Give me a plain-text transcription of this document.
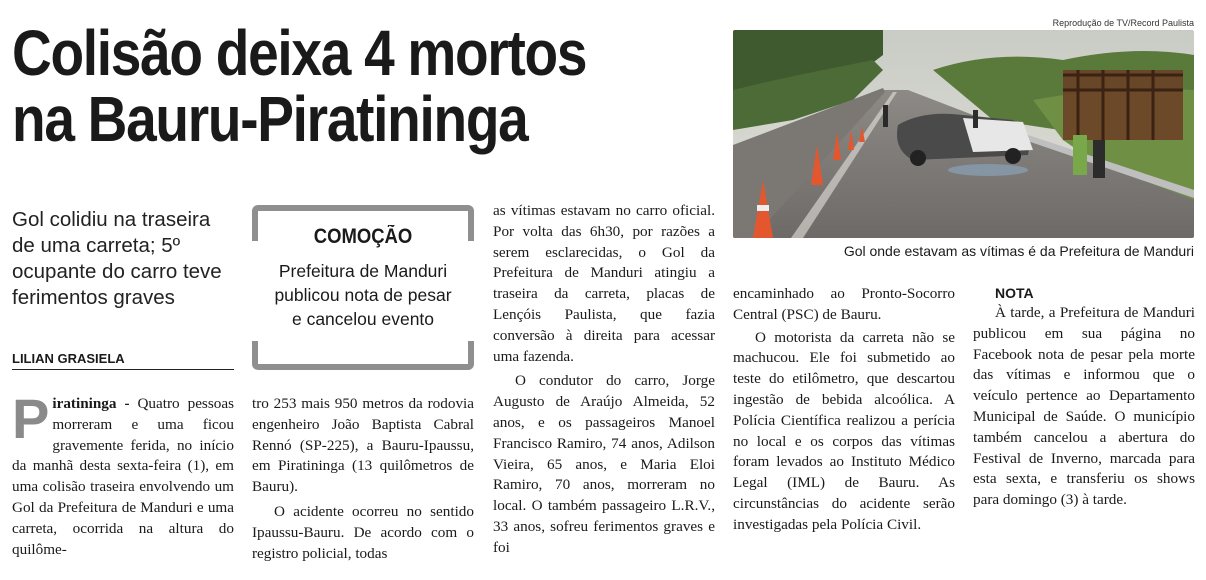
Colisão deixa 4 mortos
na Bauru-Piratininga
Reprodução de TV/Record Paulista
Gol onde estavam as vítimas é da Prefeitura de Manduri
Gol colidiu na traseira de uma carreta; 5º ocupante do carro teve ferimentos graves
LILIAN GRASIELA
COMOÇÃO
Prefeitura de Manduri publicou nota de pesar e cancelou evento

Piratininga - Quatro pessoas morreram e uma ficou gravemente ferida, no início da manhã desta sexta-feira (1), em uma colisão traseira envolvendo um Gol da Prefeitura de Manduri e uma carreta, ocorrida na altura do quilôme-

tro 253 mais 950 metros da rodovia engenheiro João Baptista Cabral Rennó (SP-225), a Bauru-Ipaussu, em Piratininga (13 quilômetros de Bauru).

O acidente ocorreu no sentido Ipaussu-Bauru. De acordo com o registro policial, todas

as vítimas estavam no carro oficial. Por volta das 6h30, por razões a serem esclarecidas, o Gol da Prefeitura de Manduri atingiu a traseira da carreta, placas de Lençóis Paulista, que fazia conversão à direita para acessar uma fazenda.

O condutor do carro, Jorge Augusto de Araújo Almeida, 52 anos, e os passageiros Manoel Francisco Ramiro, 74 anos, Adilson Vieira, 65 anos, e Maria Eloi Ramiro, 70 anos, morreram no local. O também passageiro L.R.V., 33 anos, sofreu ferimentos graves e foi

encaminhado ao Pronto-Socorro Central (PSC) de Bauru.

O motorista da carreta não se machucou. Ele foi submetido ao teste do etilômetro, que descartou ingestão de bebida alcoólica. A Polícia Científica realizou a perícia no local e os corpos das vítimas foram levados ao Instituto Médico Legal (IML) de Bauru. As circunstâncias do acidente serão investigadas pela Polícia Civil.

NOTA

À tarde, a Prefeitura de Manduri publicou em sua página no Facebook nota de pesar pela morte das vítimas e informou que o veículo pertence ao Departamento Municipal de Saúde. O município também cancelou a abertura do Festival de Inverno, marcada para esta sexta, e transferiu os shows para domingo (3) à tarde.
